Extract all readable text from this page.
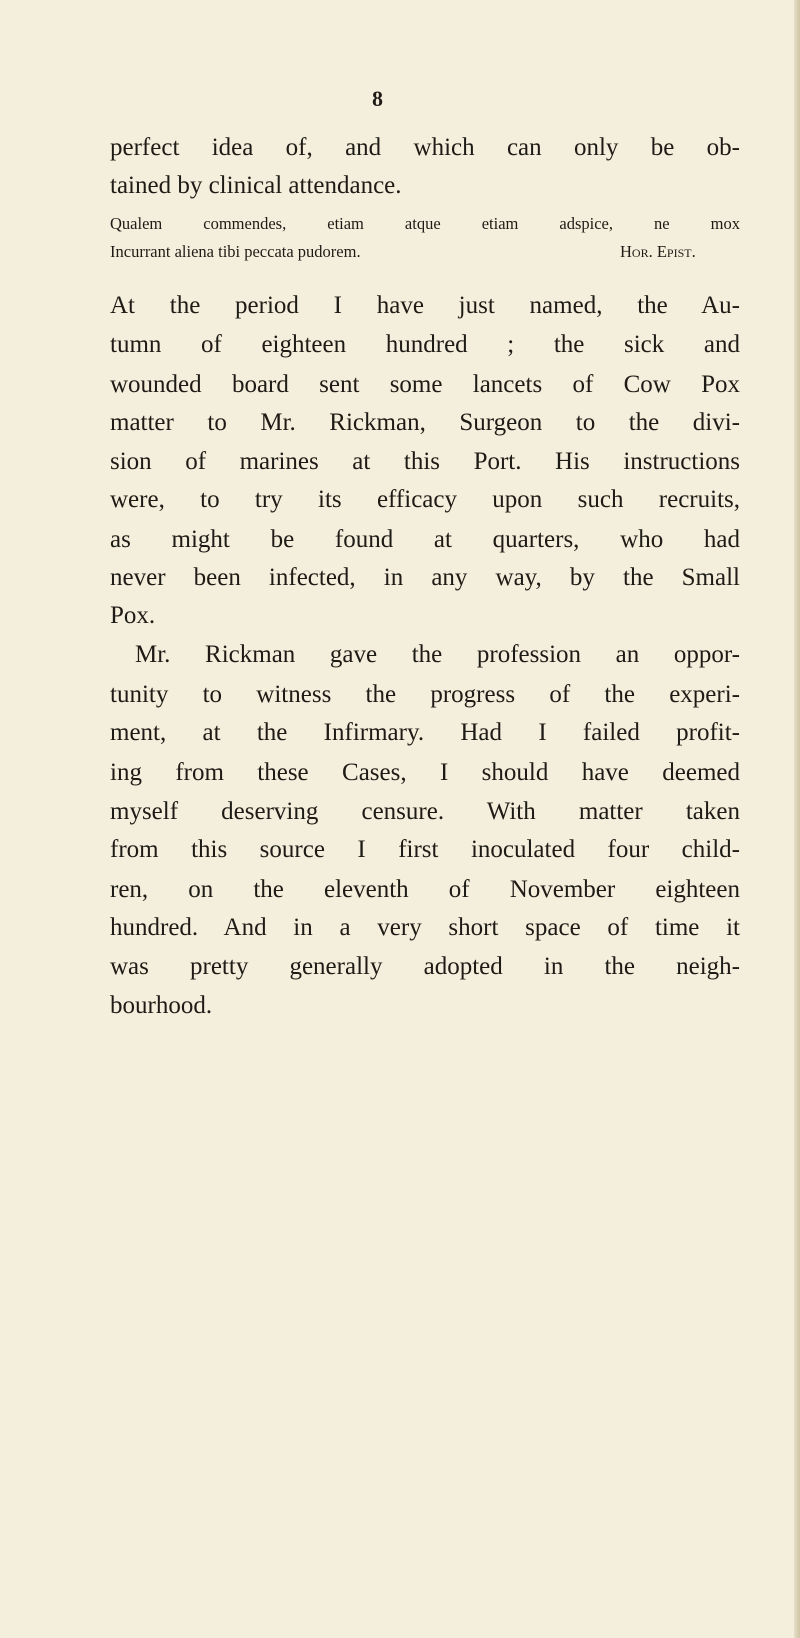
8
perfect idea of, and which can only be ob-
tained by clinical attendance.
Qualem commendes, etiam atque etiam adspice, ne mox
Incurrant aliena tibi peccata pudorem.	Hor. Epist.
At the period I have just named, the Au-
tumn of eighteen hundred ; the sick and
wounded board sent some lancets of Cow Pox
matter to Mr. Rickman, Surgeon to the divi-
sion of marines at this Port. His instructions
were, to try its efficacy upon such recruits,
as might be found at quarters, who had
never been infected, in any way, by the Small
Pox.
Mr. Rickman gave the profession an oppor-
tunity to witness the progress of the experi-
ment, at the Infirmary. Had I failed profit-
ing from these Cases, I should have deemed
myself deserving censure. With matter taken
from this source I first inoculated four child-
ren, on the eleventh of November eighteen
hundred. And in a very short space of time it
was pretty generally adopted in the neigh-
bourhood.
